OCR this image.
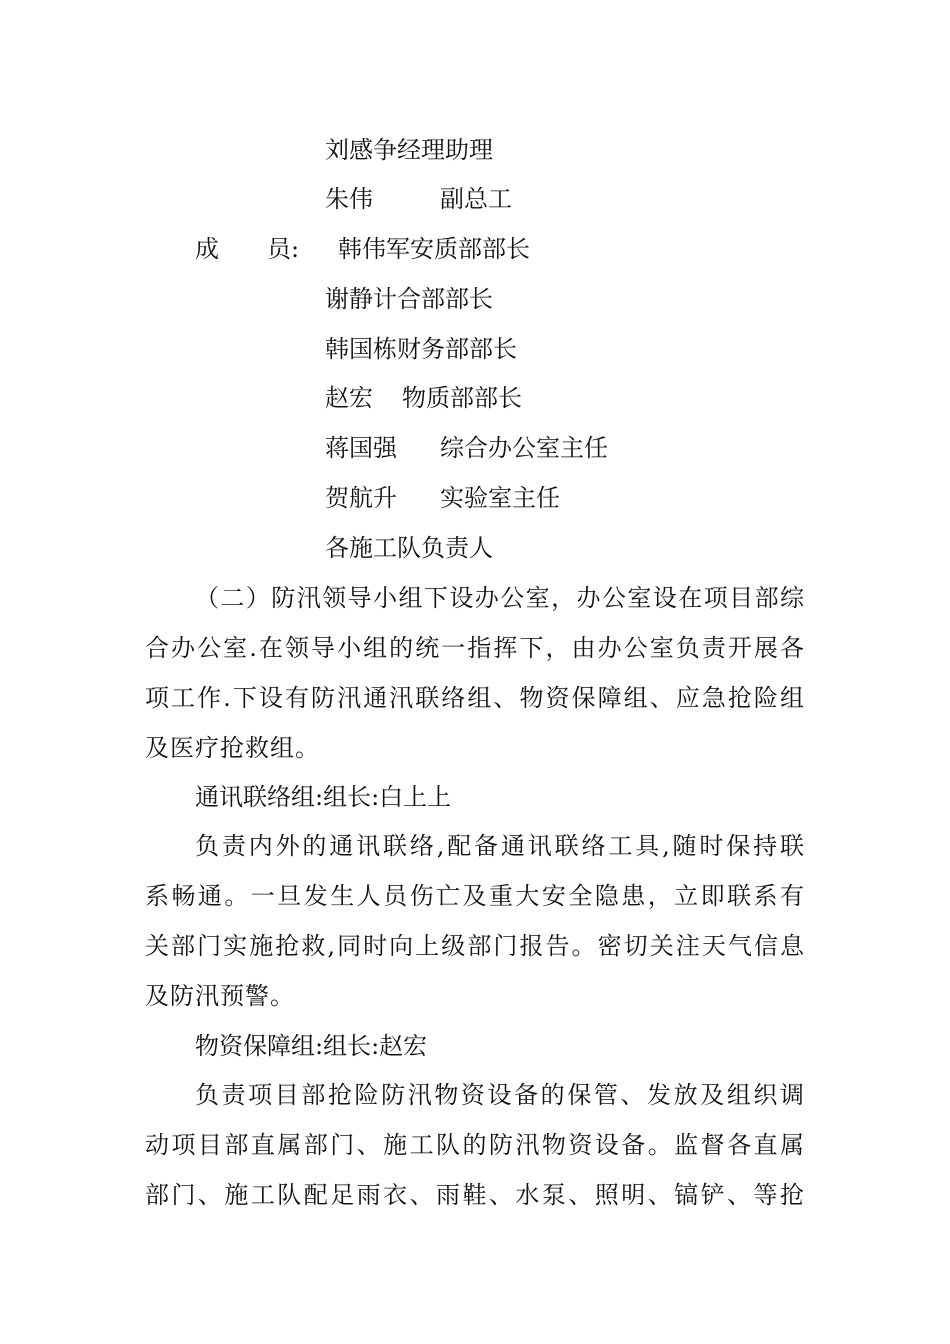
刘感争经理助理
朱伟	副总工
成　　员: 韩伟军安质部部长
谢静计合部部长
韩国栋财务部部长
赵宏 物质部部长
蒋国强 综合办公室主任
贺航升 实验室主任
各施工队负责人
（二）防汛领导小组下设办公室，办公室设在项目部综
合办公室.在领导小组的统一指挥下，由办公室负责开展各
项工作.下设有防汛通汛联络组、物资保障组、应急抢险组
及医疗抢救组。
通讯联络组:组长:白上上
负责内外的通讯联络,配备通讯联络工具,随时保持联
系畅通。一旦发生人员伤亡及重大安全隐患，立即联系有
关部门实施抢救,同时向上级部门报告。密切关注天气信息
及防汛预警。
物资保障组:组长:赵宏
负责项目部抢险防汛物资设备的保管、发放及组织调
动项目部直属部门、施工队的防汛物资设备。监督各直属
部门、施工队配足雨衣、雨鞋、水泵、照明、镐铲、等抢
